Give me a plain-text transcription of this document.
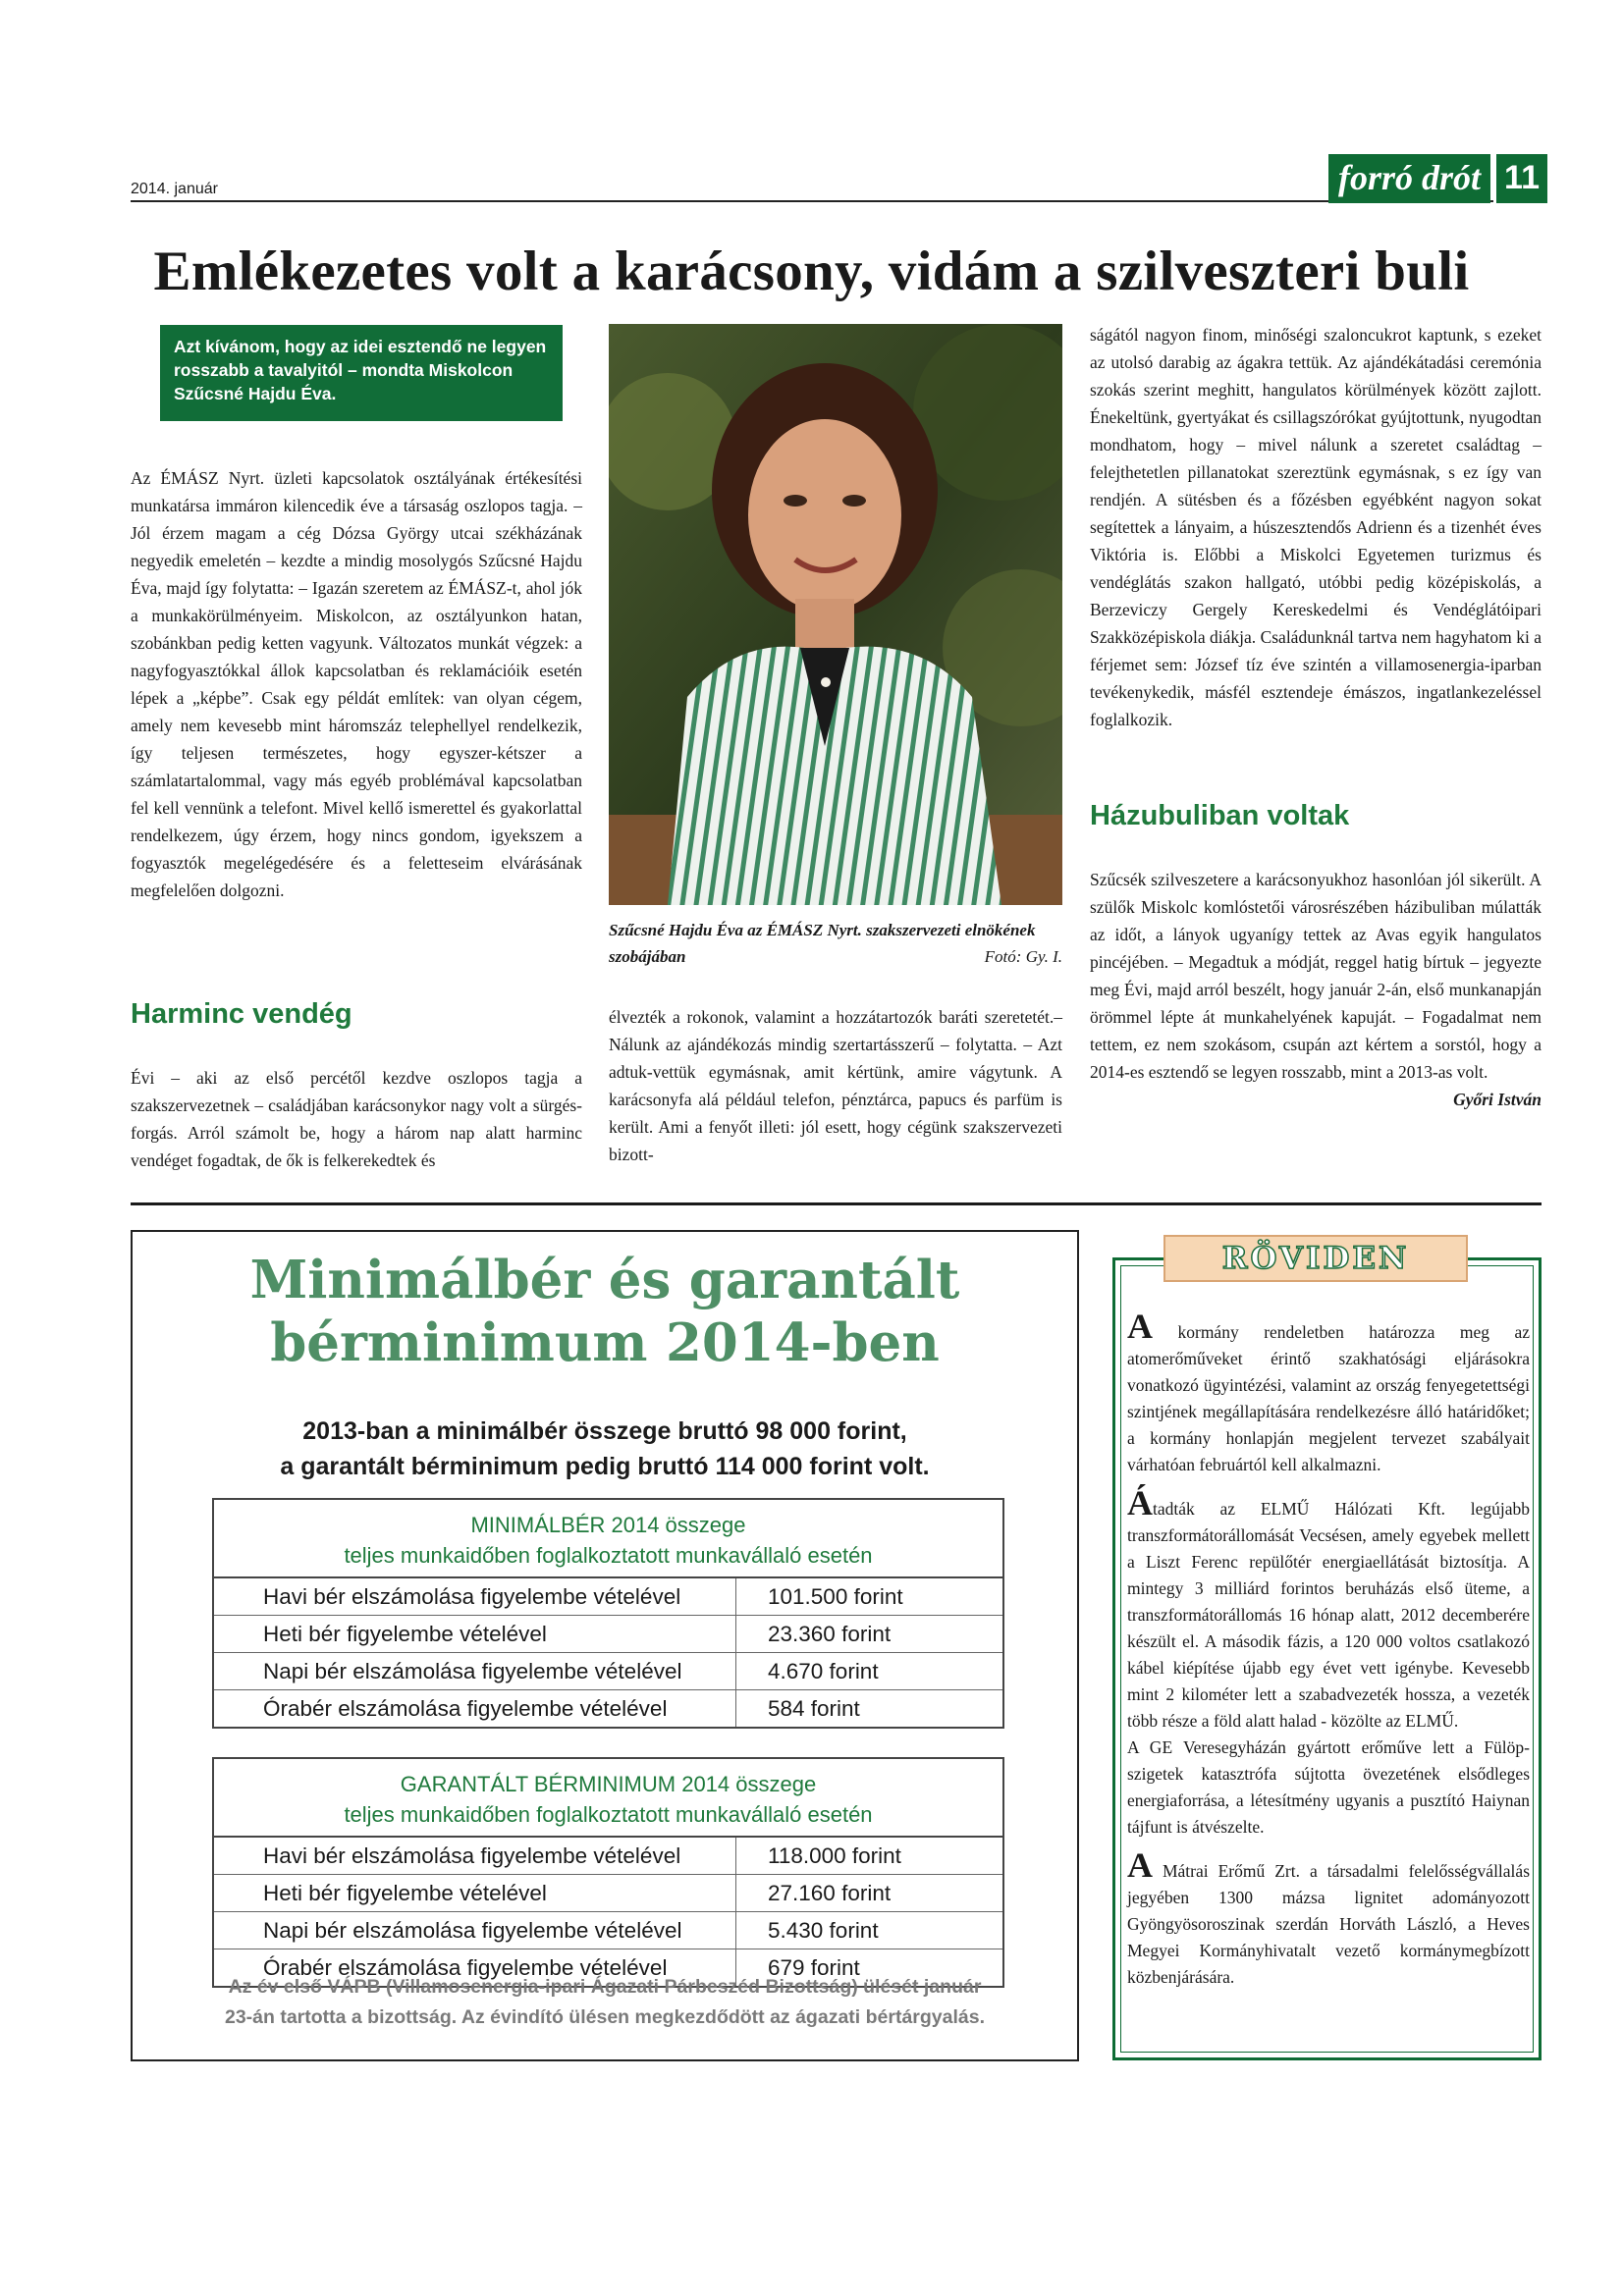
2014. január	forró drót 11
Emlékezetes volt a karácsony, vidám a szilveszteri buli
Azt kívánom, hogy az idei esztendő ne legyen rosszabb a tavalyitól – mondta Miskolcon Szűcsné Hajdu Éva.

Az ÉMÁSZ Nyrt. üzleti kapcsolatok osztályának értékesítési munkatársa immáron kilencedik éve a társaság oszlopos tagja. – Jól érzem magam a cég Dózsa György utcai székházának negyedik emeletén – kezdte a mindig mosolygós Szűcsné Hajdu Éva, majd így folytatta: – Igazán szeretem az ÉMÁSZ-t, ahol jók a munkakörülményeim. Miskolcon, az osztályunkon hatan, szobánkban pedig ketten vagyunk. Változatos munkát végzek: a nagyfogyasztókkal állok kapcsolatban és reklamációik esetén lépek a „képbe”. Csak egy példát említek: van olyan cégem, amely nem kevesebb mint háromszáz telephellyel rendelkezik, így teljesen természetes, hogy egyszer-kétszer a számlatartalommal, vagy más egyéb problémával kapcsolatban fel kell vennünk a telefont. Mivel kellő ismerettel és gyakorlattal rendelkezem, úgy érzem, hogy nincs gondom, igyekszem a fogyasztók megelégedésére és a feletteseim elvárásának megfelelően dolgozni.

Harminc vendég

Évi – aki az első percétől kezdve oszlopos tagja a szakszervezetnek – családjában karácsonykor nagy volt a sürgés-forgás. Arról számolt be, hogy a három nap alatt harminc vendéget fogadtak, de ők is felkerekedtek és

Szűcsné Hajdu Éva az ÉMÁSZ Nyrt. szakszervezeti elnökének szobájában	Fotó: Gy. I.

élvezték a rokonok, valamint a hozzátartozók baráti szeretetét.– Nálunk az ajándékozás mindig szertartásszerű – folytatta. – Azt adtuk-vettük egymásnak, amit kértünk, amire vágytunk. A karácsonyfa alá például telefon, pénztárca, papucs és parfüm is került. Ami a fenyőt illeti: jól esett, hogy cégünk szakszervezeti bizott-

ságától nagyon finom, minőségi szaloncukrot kaptunk, s ezeket az utolsó darabig az ágakra tettük. Az ajándékátadási ceremónia szokás szerint meghitt, hangulatos körülmények között zajlott. Énekeltünk, gyertyákat és csillagszórókat gyújtottunk, nyugodtan mondhatom, hogy – mivel nálunk a szeretet családtag – felejthetetlen pillanatokat szereztünk egymásnak, s ez így van rendjén. A sütésben és a főzésben egyébként nagyon sokat segítettek a lányaim, a húszesztendős Adrienn és a tizenhét éves Viktória is. Előbbi a Miskolci Egyetemen turizmus és vendéglátás szakon hallgató, utóbbi pedig középiskolás, a Berzeviczy Gergely Kereskedelmi és Vendéglátóipari Szakközépiskola diákja. Családunknál tartva nem hagyhatom ki a férjemet sem: József tíz éve szintén a villamosenergia-iparban tevékenykedik, másfél esztendeje émászos, ingatlankezeléssel foglalkozik.

Házubuliban voltak

Szűcsék szilveszetere a karácsonyukhoz hasonlóan jól sikerült. A szülők Miskolc komlóstetői városrészében házibuliban múlatták az időt, a lányok ugyanígy tettek az Avas egyik hangulatos pincéjében. – Megadtuk a módját, reggel hatig bírtuk – jegyezte meg Évi, majd arról beszélt, hogy január 2-án, első munkanapján örömmel lépte át munkahelyének kapuját. – Fogadalmat nem tettem, ez nem szokásom, csupán azt kértem a sorstól, hogy a 2014-es esztendő se legyen rosszabb, mint a 2013-as volt.
Győri István

Minimálbér és garantált
bérminimum 2014-ben
2013-ban a minimálbér összege bruttó 98 000 forint,
a garantált bérminimum pedig bruttó 114 000 forint volt.
MINIMÁLBÉR 2014 összege
teljes munkaidőben foglalkoztatott munkavállaló esetén
Havi bér elszámolása figyelembe vételével	101.500 forint
Heti bér figyelembe vételével	23.360 forint
Napi bér elszámolása figyelembe vételével	4.670 forint
Órabér elszámolása figyelembe vételével	584 forint
GARANTÁLT BÉRMINIMUM 2014 összege
teljes munkaidőben foglalkoztatott munkavállaló esetén
Havi bér elszámolása figyelembe vételével	118.000 forint
Heti bér figyelembe vételével	27.160 forint
Napi bér elszámolása figyelembe vételével	5.430 forint
Órabér elszámolása figyelembe vételével	679 forint
Az év első VÁPB (Villamosenergia-ipari Ágazati Párbeszéd Bizottság) ülését január
23-án tartotta a bizottság. Az évindító ülésen megkezdődött az ágazati bértárgyalás.
RÖVIDEN

A kormány rendeletben határozza meg az atomerőműveket érintő szakhatósági eljárásokra vonatkozó ügyintézési, valamint az ország fenyegetettségi szintjének megállapítására rendelkezésre álló határidőket; a kormány honlapján megjelent tervezet szabályait várhatóan februártól kell alkalmazni.

Átadták az ELMŰ Hálózati Kft. legújabb transzformátorállomását Vecsésen, amely egyebek mellett a Liszt Ferenc repülőtér energiaellátását biztosítja. A mintegy 3 milliárd forintos beruházás első üteme, a transzformátorállomás 16 hónap alatt, 2012 decemberére készült el. A második fázis, a 120 000 voltos csatlakozó kábel kiépítése újabb egy évet vett igénybe. Kevesebb mint 2 kilométer lett a szabadvezeték hossza, a vezeték több része a föld alatt halad - közölte az ELMŰ.
A GE Veresegyházán gyártott erőműve lett a Fülöp-szigetek katasztrófa sújtotta övezetének elsődleges energiaforrása, a létesítmény ugyanis a pusztító Haiynan tájfunt is átvészelte.

A Mátrai Erőmű Zrt. a társadalmi felelősségvállalás jegyében 1300 mázsa lignitet adományozott Gyöngyösoroszinak szerdán Horváth László, a Heves Megyei Kormányhivatalt vezető kormánymegbízott közbenjárására.
